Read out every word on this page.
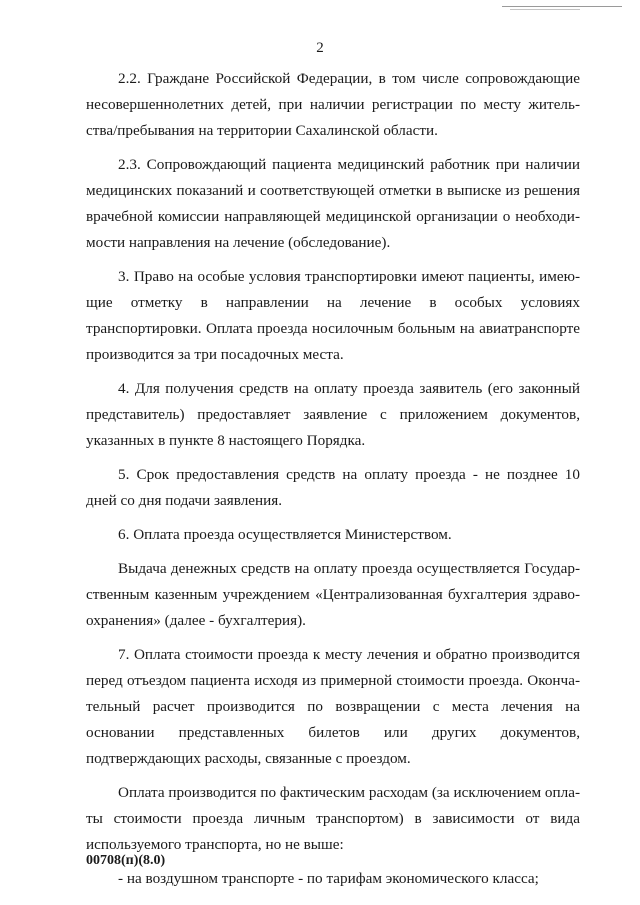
2

2.2. Граждане Российской Федерации, в том числе сопровождающие несовершеннолетних детей, при наличии регистрации по месту жительства/пребывания на территории Сахалинской области.

2.3. Сопровождающий пациента медицинский работник при наличии медицинских показаний и соответствующей отметки в выписке из решения врачебной комиссии направляющей медицинской организации о необходимости направления на лечение (обследование).

3. Право на особые условия транспортировки имеют пациенты, имеющие отметку в направлении на лечение в особых условиях транспортировки. Оплата проезда носилочным больным на авиатранспорте производится за три посадочных места.

4. Для получения средств на оплату проезда заявитель (его законный представитель) предоставляет заявление с приложением документов, указанных в пункте 8 настоящего Порядка.

5. Срок предоставления средств на оплату проезда - не позднее 10 дней со дня подачи заявления.

6. Оплата проезда осуществляется Министерством.

Выдача денежных средств на оплату проезда осуществляется Государственным казенным учреждением «Централизованная бухгалтерия здравоохранения» (далее - бухгалтерия).

7. Оплата стоимости проезда к месту лечения и обратно производится перед отъездом пациента исходя из примерной стоимости проезда. Окончательный расчет производится по возвращении с места лечения на основании представленных билетов или других документов, подтверждающих расходы, связанные с проездом.

Оплата производится по фактическим расходам (за исключением оплаты стоимости проезда личным транспортом) в зависимости от вида используемого транспорта, но не выше:

- на воздушном транспорте - по тарифам экономического класса;

00708(п)(8.0)
